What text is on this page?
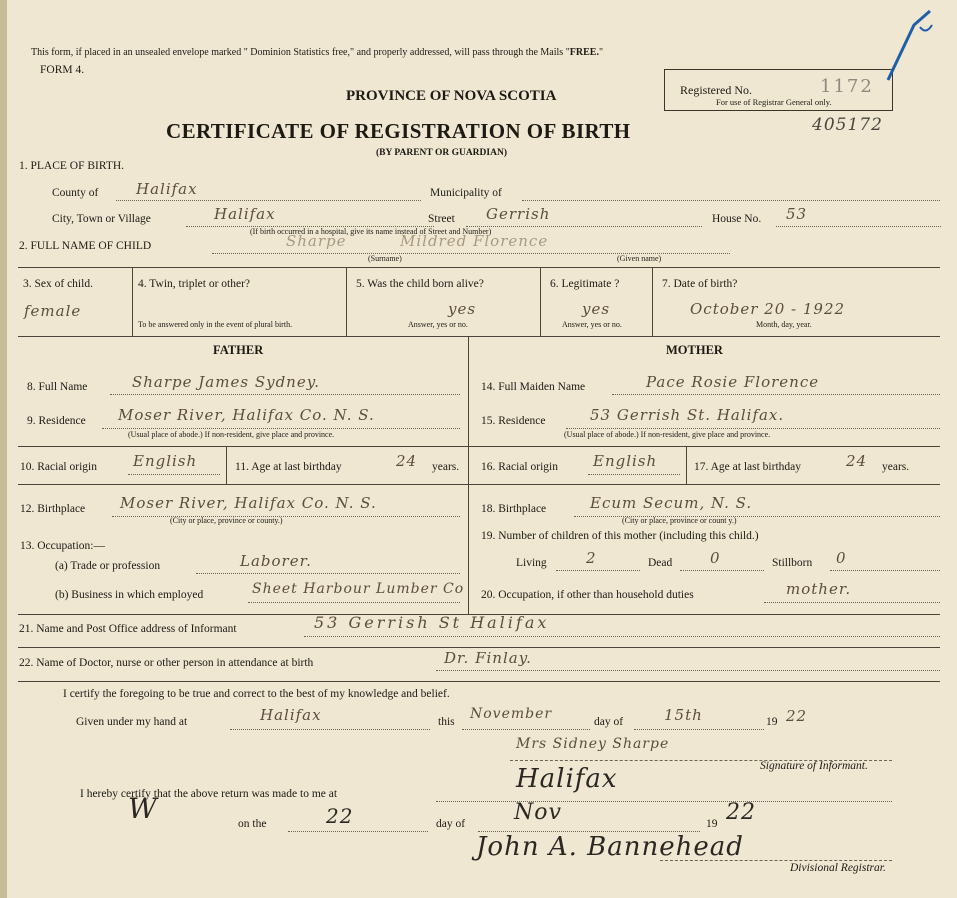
This form, if placed in an unsealed envelope marked " Dominion Statistics free," and properly addressed, will pass through the Mails "FREE."
FORM 4.
PROVINCE OF NOVA SCOTIA
CERTIFICATE OF REGISTRATION OF BIRTH
(BY PARENT OR GUARDIAN)
Registered No.
For use of Registrar General only.
1172
405172
1. PLACE OF BIRTH.
County of	Halifax	Municipality of
City, Town or Village	Halifax
(If birth occurred in a hospital, give its name instead of Street and Number)
Street Gerrish	House No. 53
2. FULL NAME OF CHILD	Sharpe	Mildred Florence
(Surname)	(Given name)
3. Sex of child.
female
4. Twin, triplet or other?
To be answered only in the event of plural birth.
5. Was the child born alive?
yes
Answer, yes or no.
6. Legitimate ?
yes
Answer, yes or no.
7. Date of birth?
October 20 - 1922
Month, day, year.
FATHER	MOTHER
8. Full Name	Sharpe James Sydney.
9. Residence Moser River, Halifax Co. N. S.
(Usual place of abode.) If non-resident, give place and province.
10. Racial origin English	11. Age at last birthday	24 years.
12. Birthplace Moser River, Halifax Co. N. S.
(City or place, province or county.)
13. Occupation:—
(a) Trade or profession	Laborer.
(b) Business in which employed	Sheet Harbour Lumber Co
14. Full Maiden Name	Pace Rosie Florence
15. Residence	53 Gerrish St. Halifax.
(Usual place of abode.) If non-resident, give place and province.
16. Racial origin English	17. Age at last birthday	24 years.
18. Birthplace	Ecum Secum, N. S.
(City or place, province or count y.)
19. Number of children of this mother (including this child.)
Living	2	Dead	0	Stillborn 0
20. Occupation, if other than household duties	mother.
21. Name and Post Office address of Informant	53 Gerrish St Halifax
22. Name of Doctor, nurse or other person in attendance at birth	Dr. Finlay.
I certify the foregoing to be true and correct to the best of my knowledge and belief.
Given under my hand at	Halifax	this November	day of	15th	19 22
Mrs Sidney Sharpe
Signature of Informant.
I hereby certify that the above return was made to me at	Halifax
W	on the	22	day of Nov	19 22
John A. Bannehead
Divisional Registrar.
